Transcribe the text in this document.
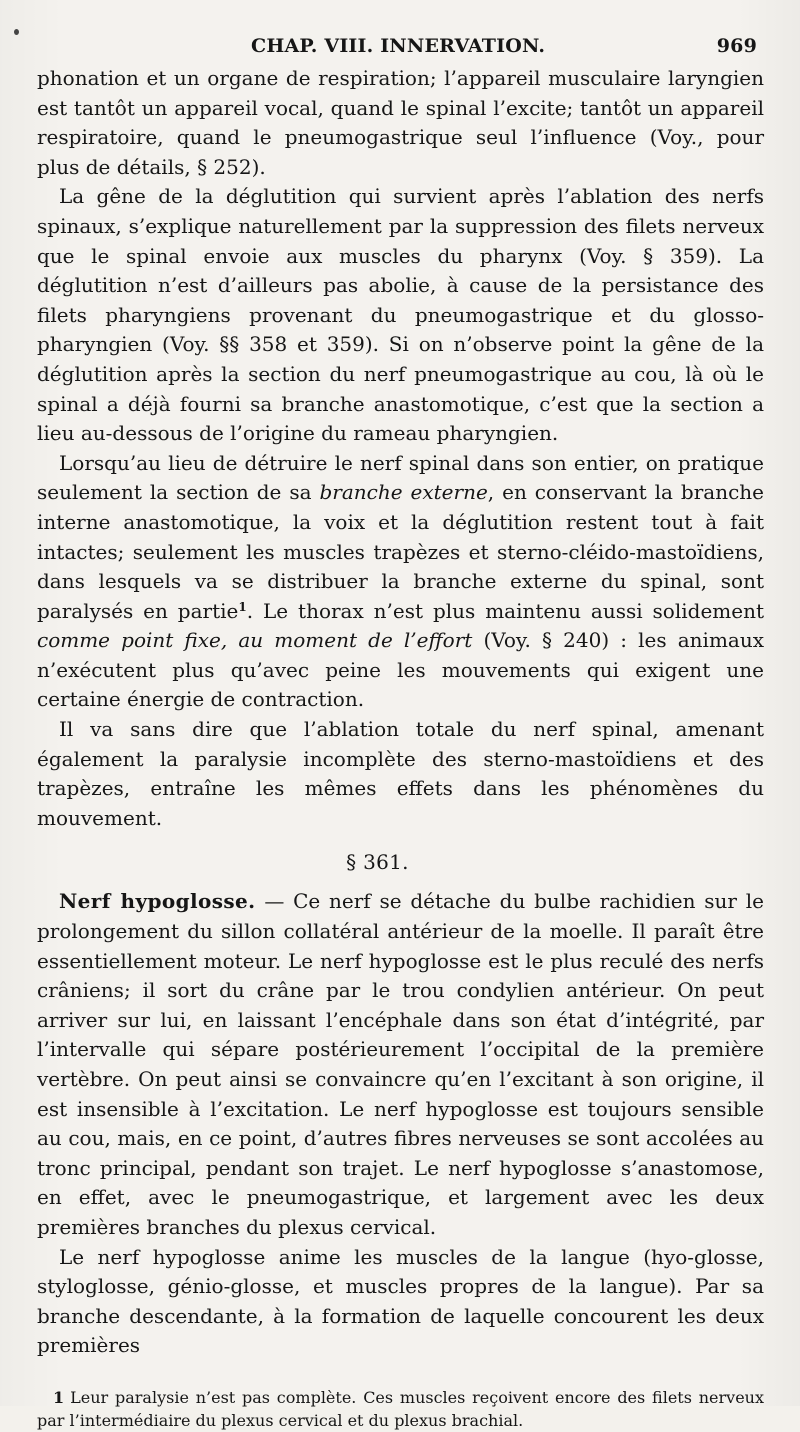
CHAP. VIII. INNERVATION.	969

phonation et un organe de respiration; l’appareil musculaire laryngien est tantôt un appareil vocal, quand le spinal l’excite; tantôt un appareil respiratoire, quand le pneumogastrique seul l’influence (Voy., pour plus de détails, § 252).

La gêne de la déglutition qui survient après l’ablation des nerfs spinaux, s’explique naturellement par la suppression des filets nerveux que le spinal envoie aux muscles du pharynx (Voy. § 359). La déglutition n’est d’ailleurs pas abolie, à cause de la persistance des filets pharyngiens provenant du pneumogastrique et du glosso-pharyngien (Voy. §§ 358 et 359). Si on n’observe point la gêne de la déglutition après la section du nerf pneumogastrique au cou, là où le spinal a déjà fourni sa branche anastomotique, c’est que la section a lieu au-dessous de l’origine du rameau pharyngien.

Lorsqu’au lieu de détruire le nerf spinal dans son entier, on pratique seulement la section de sa branche externe, en conservant la branche interne anastomotique, la voix et la déglutition restent tout à fait intactes; seulement les muscles trapèzes et sterno-cléido-mastoïdiens, dans lesquels va se distribuer la branche externe du spinal, sont paralysés en partie$^1$. Le thorax n’est plus maintenu aussi solidement comme point fixe, au moment de l’effort (Voy. § 240) : les animaux n’exécutent plus qu’avec peine les mouvements qui exigent une certaine énergie de contraction.

Il va sans dire que l’ablation totale du nerf spinal, amenant également la paralysie incomplète des sterno-mastoïdiens et des trapèzes, entraîne les mêmes effets dans les phénomènes du mouvement.

§ 361.

Nerf hypoglosse. — Ce nerf se détache du bulbe rachidien sur le prolongement du sillon collatéral antérieur de la moelle. Il paraît être essentiellement moteur. Le nerf hypoglosse est le plus reculé des nerfs crâniens; il sort du crâne par le trou condylien antérieur. On peut arriver sur lui, en laissant l’encéphale dans son état d’intégrité, par l’intervalle qui sépare postérieurement l’occipital de la première vertèbre. On peut ainsi se convaincre qu’en l’excitant à son origine, il est insensible à l’excitation. Le nerf hypoglosse est toujours sensible au cou, mais, en ce point, d’autres fibres nerveuses se sont accolées au tronc principal, pendant son trajet. Le nerf hypoglosse s’anastomose, en effet, avec le pneumogastrique, et largement avec les deux premières branches du plexus cervical.

Le nerf hypoglosse anime les muscles de la langue (hyo-glosse, styloglosse, génio-glosse, et muscles propres de la langue). Par sa branche descendante, à la formation de laquelle concourent les deux premières

1 Leur paralysie n’est pas complète. Ces muscles reçoivent encore des filets nerveux par l’intermédiaire du plexus cervical et du plexus brachial.
